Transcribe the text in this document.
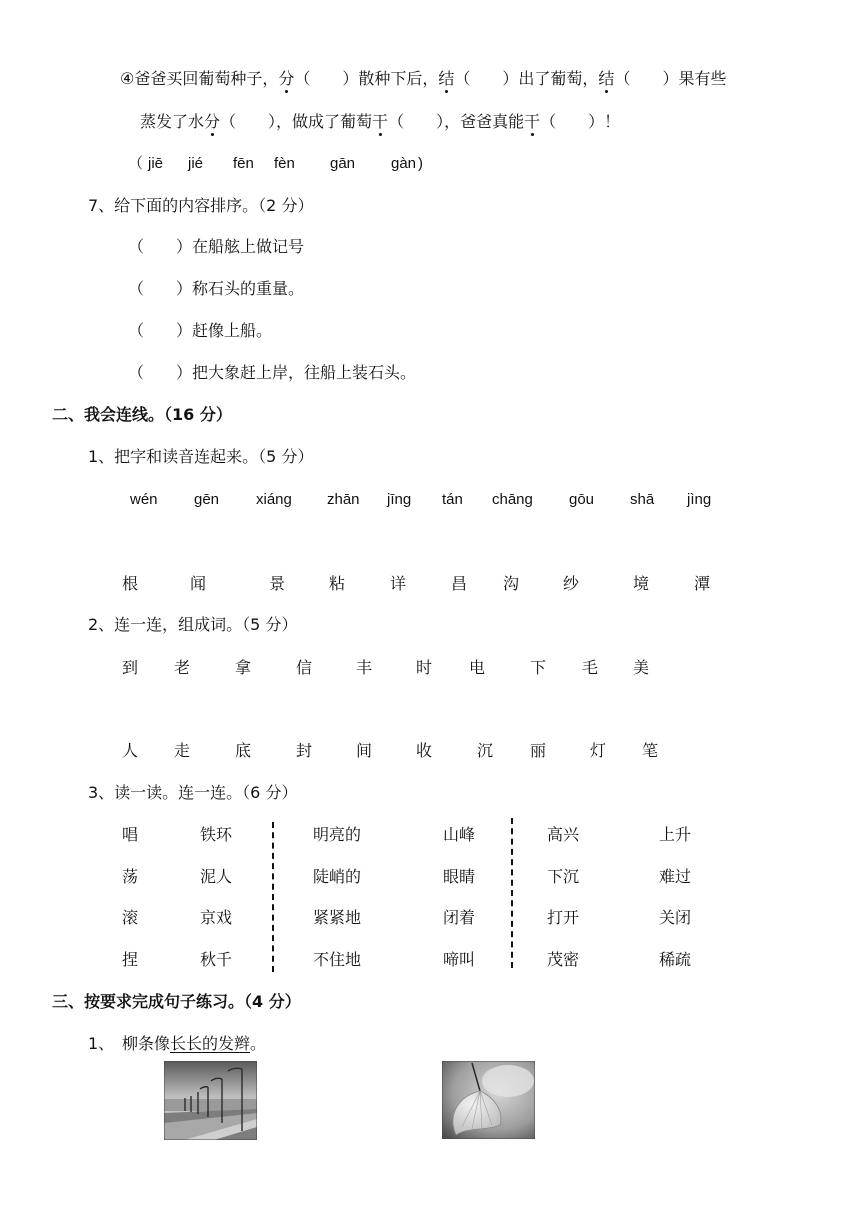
④爸爸买回葡萄种子，分（　　）散种下后，结（　　）出了葡萄，结（　　）果有些
蒸发了水分（　　），做成了葡萄干（　　），爸爸真能干（　　）！
（ jiē jié fēn fèn gān gàn )
7、给下面的内容排序。（2 分）
（　　） 在船舷上做记号
（　　） 称石头的重量。
（　　） 赶像上船。
（　　） 把大象赶上岸，往船上装石头。
二、我会连线。（16 分）
1、把字和读音连起来。（5 分）
wén gēn xiáng zhān jīng tán chāng gōu shā jìng
根	闻	景	粘	详	昌 沟	纱	境	潭
2、连一连，组成词。（5 分）
到 老	拿	信	丰	时 电	下 毛 美
人 走	底	封	间	收	沉 丽	灯 笔
3、读一读。连一连。（6 分）
唱	铁环	明亮的	山峰	高兴	上升
荡	泥人	陡峭的	眼睛	下沉	难过
滚	京戏	紧紧地	闭着	打开	关闭
捏	秋千	不住地	啼叫	茂密	稀疏
三、按要求完成句子练习。（4 分）
1、 柳条像长长的发辫。
